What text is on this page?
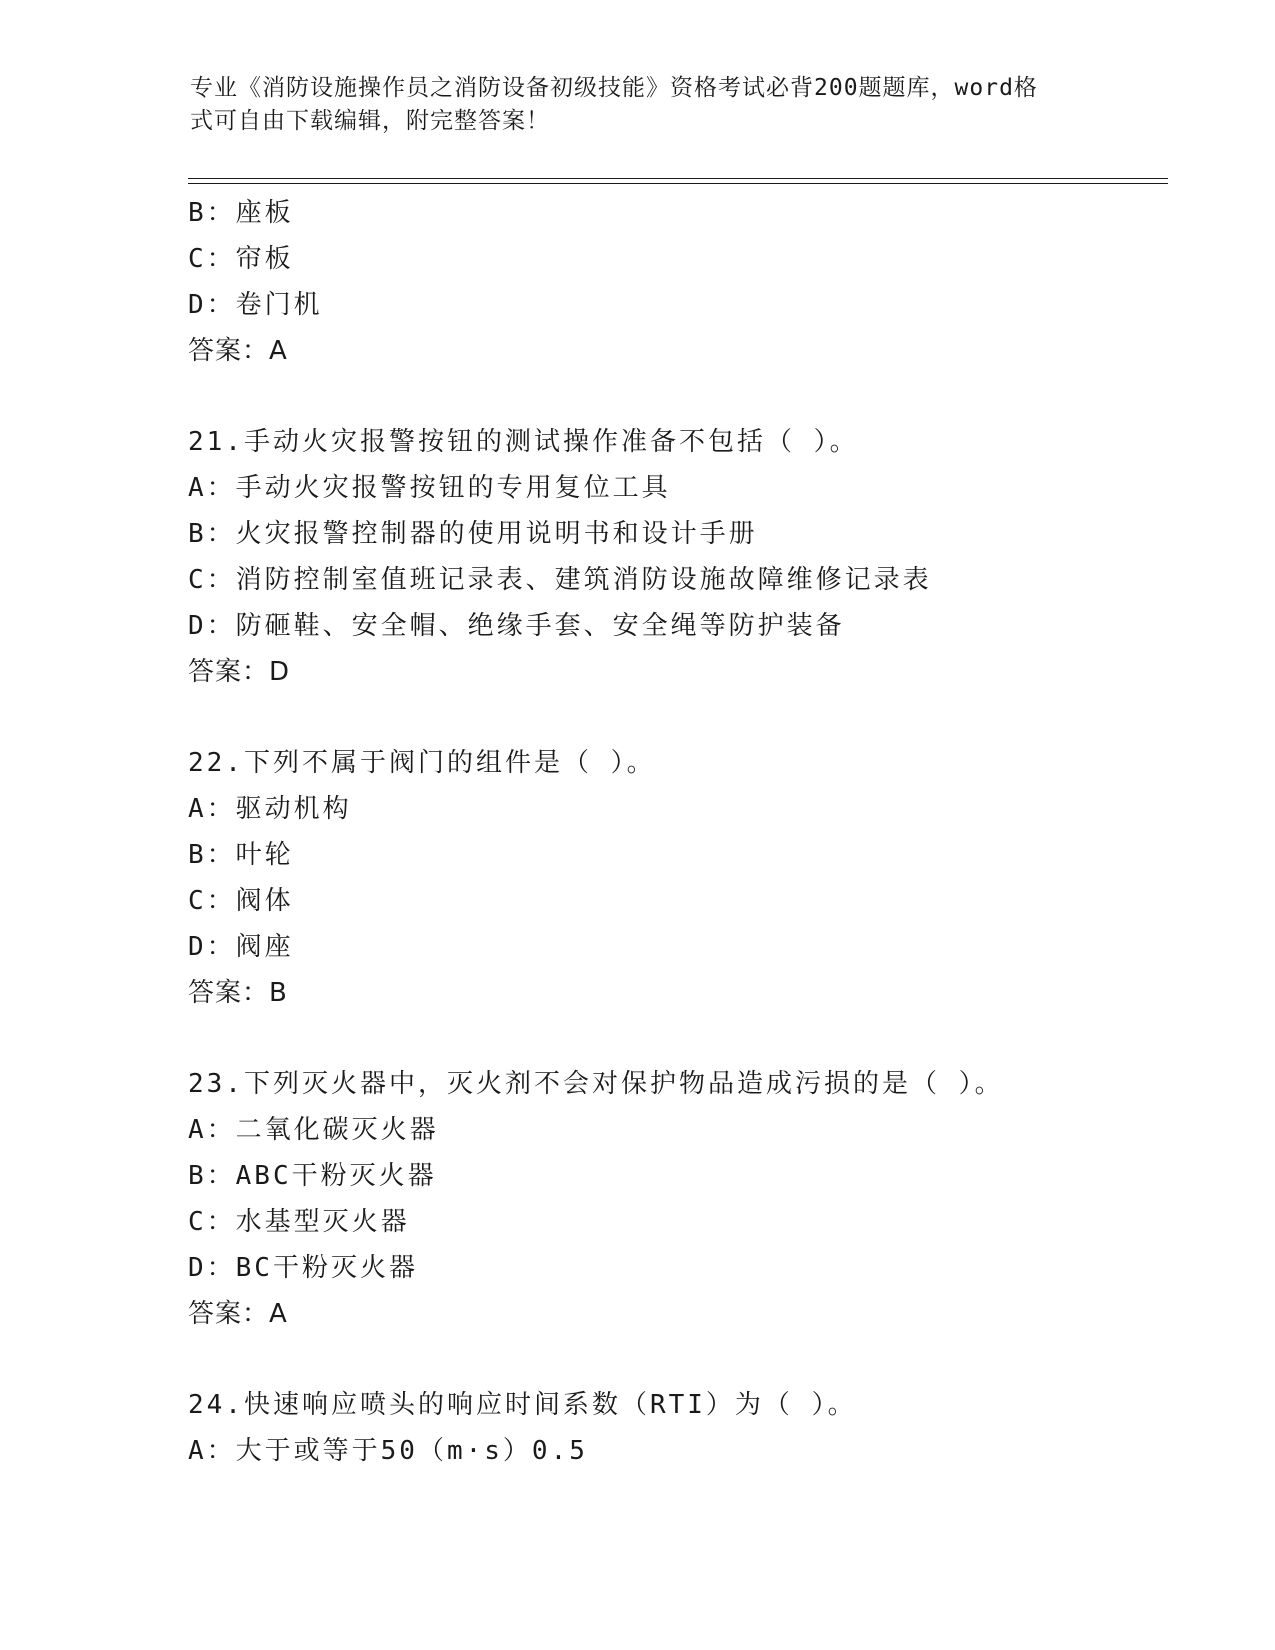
专业《消防设施操作员之消防设备初级技能》资格考试必背200题题库，word格
式可自由下载编辑，附完整答案！
B：座板
C：帘板
D：卷门机
答案：A
21.手动火灾报警按钮的测试操作准备不包括（ ）。
A：手动火灾报警按钮的专用复位工具
B：火灾报警控制器的使用说明书和设计手册
C：消防控制室值班记录表、建筑消防设施故障维修记录表
D：防砸鞋、安全帽、绝缘手套、安全绳等防护装备
答案：D
22.下列不属于阀门的组件是（ ）。
A：驱动机构
B：叶轮
C：阀体
D：阀座
答案：B
23.下列灭火器中，灭火剂不会对保护物品造成污损的是（ ）。
A：二氧化碳灭火器
B：ABC干粉灭火器
C：水基型灭火器
D：BC干粉灭火器
答案：A
24.快速响应喷头的响应时间系数（RTI）为（ ）。
A：大于或等于50（m·s）0.5
